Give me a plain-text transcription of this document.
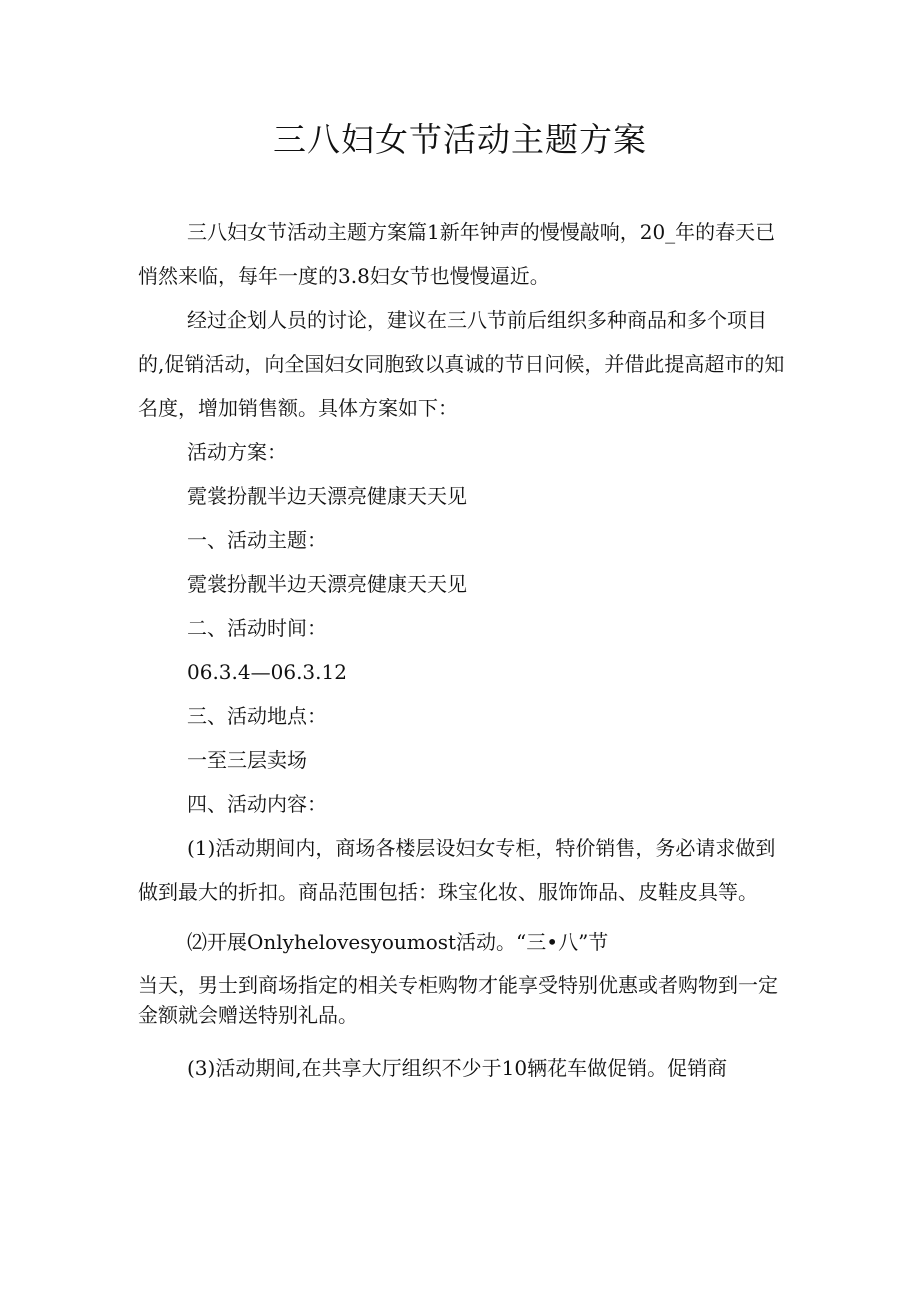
三八妇女节活动主题方案

三八妇女节活动主题方案篇1新年钟声的慢慢敲响，20_年的春天已悄然来临，每年一度的3.8妇女节也慢慢逼近。

经过企划人员的讨论，建议在三八节前后组织多种商品和多个项目的,促销活动，向全国妇女同胞致以真诚的节日问候，并借此提高超市的知名度，增加销售额。具体方案如下：

活动方案：

霓裳扮靓半边天漂亮健康天天见

一、活动主题：

霓裳扮靓半边天漂亮健康天天见

二、活动时间：

06.3.4—06.3.12

三、活动地点：

一至三层卖场

四、活动内容：

(1)活动期间内，商场各楼层设妇女专柜，特价销售，务必请求做到做到最大的折扣。商品范围包括：珠宝化妆、服饰饰品、皮鞋皮具等。

⑵开展Onlyhelovesyoumost活动。“三•八”节

当天，男士到商场指定的相关专柜购物才能享受特别优惠或者购物到一定金额就会赠送特别礼品。

(3)活动期间,在共享大厅组织不少于10辆花车做促销。促销商
